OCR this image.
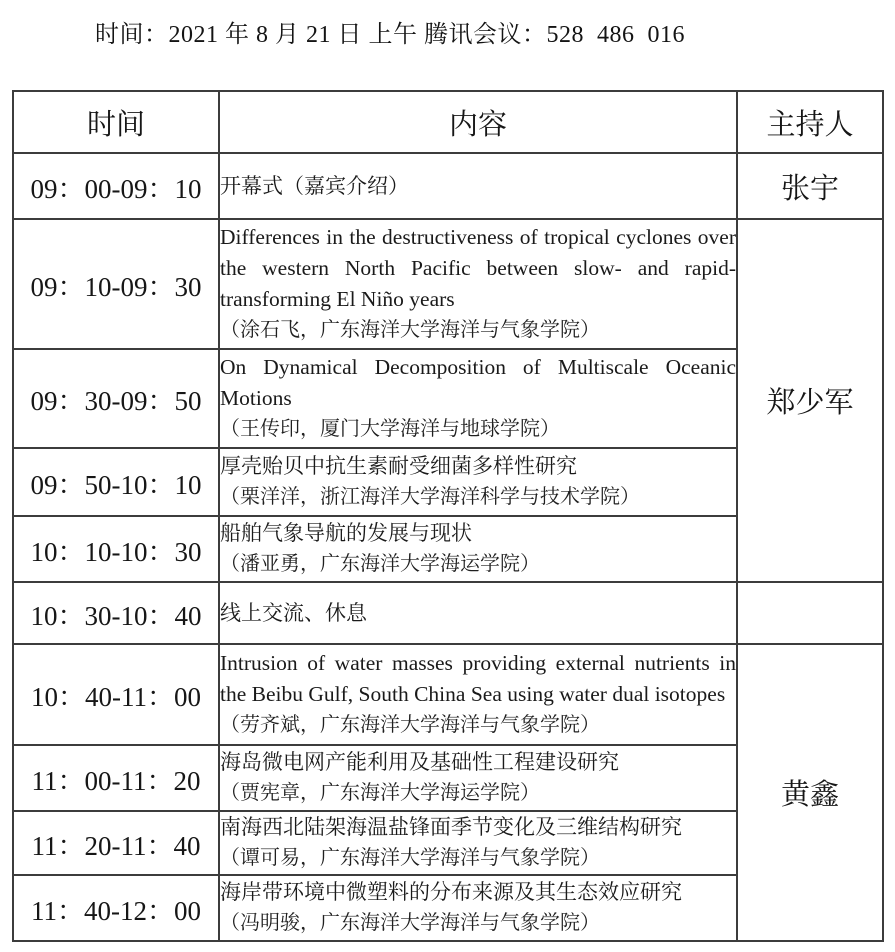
时间：2021 年 8 月 21 日 上午 腾讯会议：528  486  016
时间	内容	主持人
09：00-09：10	开幕式（嘉宾介绍）	张宇
09：10-09：30	Differences in the destructiveness of tropical cyclones over the western North Pacific between slow- and rapid-transforming El Niño years
（涂石飞，广东海洋大学海洋与气象学院）	郑少军
09：30-09：50	On Dynamical Decomposition of Multiscale Oceanic Motions
（王传印，厦门大学海洋与地球学院）	

09：50-10：10	厚壳贻贝中抗生素耐受细菌多样性研究
（栗洋洋，浙江海洋大学海洋科学与技术学院）	

10：10-10：30	船舶气象导航的发展与现状
（潘亚勇，广东海洋大学海运学院）	

10：30-10：40	线上交流、休息	

10：40-11：00	Intrusion of water masses providing external nutrients in the Beibu Gulf, South China Sea using water dual isotopes
（劳齐斌，广东海洋大学海洋与气象学院）	黄鑫
11：00-11：20	海岛微电网产能利用及基础性工程建设研究
（贾宪章，广东海洋大学海运学院）	

11：20-11：40	南海西北陆架海温盐锋面季节变化及三维结构研究
（谭可易，广东海洋大学海洋与气象学院）	

11：40-12：00	海岸带环境中微塑料的分布来源及其生态效应研究
（冯明骏，广东海洋大学海洋与气象学院）	
